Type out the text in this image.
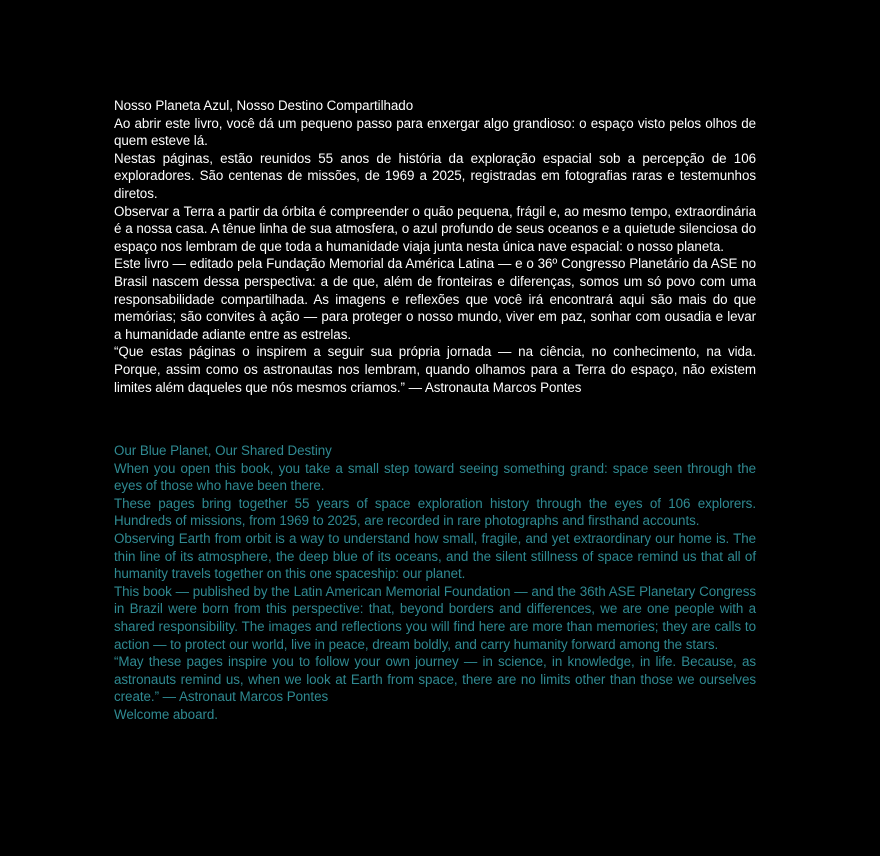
Nosso Planeta Azul, Nosso Destino Compartilhado

Ao abrir este livro, você dá um pequeno passo para enxergar algo grandioso: o espaço visto pelos olhos de quem esteve lá.

Nestas páginas, estão reunidos 55 anos de história da exploração espacial sob a percepção de 106 exploradores. São centenas de missões, de 1969 a 2025, registradas em fotografias raras e testemunhos diretos.

Observar a Terra a partir da órbita é compreender o quão pequena, frágil e, ao mesmo tempo, extraordinária é a nossa casa. A tênue linha de sua atmosfera, o azul profundo de seus oceanos e a quietude silenciosa do espaço nos lembram de que toda a humanidade viaja junta nesta única nave espacial: o nosso planeta.

Este livro — editado pela Fundação Memorial da América Latina — e o 36º Congresso Planetário da ASE no Brasil nascem dessa perspectiva: a de que, além de fronteiras e diferenças, somos um só povo com uma responsabilidade compartilhada. As imagens e reflexões que você irá encontrará aqui são mais do que memórias; são convites à ação — para proteger o nosso mundo, viver em paz, sonhar com ousadia e levar a humanidade adiante entre as estrelas.

“Que estas páginas o inspirem a seguir sua própria jornada — na ciência, no conhecimento, na vida. Porque, assim como os astronautas nos lembram, quando olhamos para a Terra do espaço, não existem limites além daqueles que nós mesmos criamos.” — Astronauta Marcos Pontes

Our Blue Planet, Our Shared Destiny

When you open this book, you take a small step toward seeing something grand: space seen through the eyes of those who have been there.

These pages bring together 55 years of space exploration history through the eyes of 106 explorers. Hundreds of missions, from 1969 to 2025, are recorded in rare photographs and firsthand accounts.

Observing Earth from orbit is a way to understand how small, fragile, and yet extraordinary our home is. The thin line of its atmosphere, the deep blue of its oceans, and the silent stillness of space remind us that all of humanity travels together on this one spaceship: our planet.

This book — published by the Latin American Memorial Foundation — and the 36th ASE Planetary Congress in Brazil were born from this perspective: that, beyond borders and differences, we are one people with a shared responsibility. The images and reflections you will find here are more than memories; they are calls to action — to protect our world, live in peace, dream boldly, and carry humanity forward among the stars.

“May these pages inspire you to follow your own journey — in science, in knowledge, in life. Because, as astronauts remind us, when we look at Earth from space, there are no limits other than those we ourselves create.” — Astronaut Marcos Pontes

Welcome aboard.
